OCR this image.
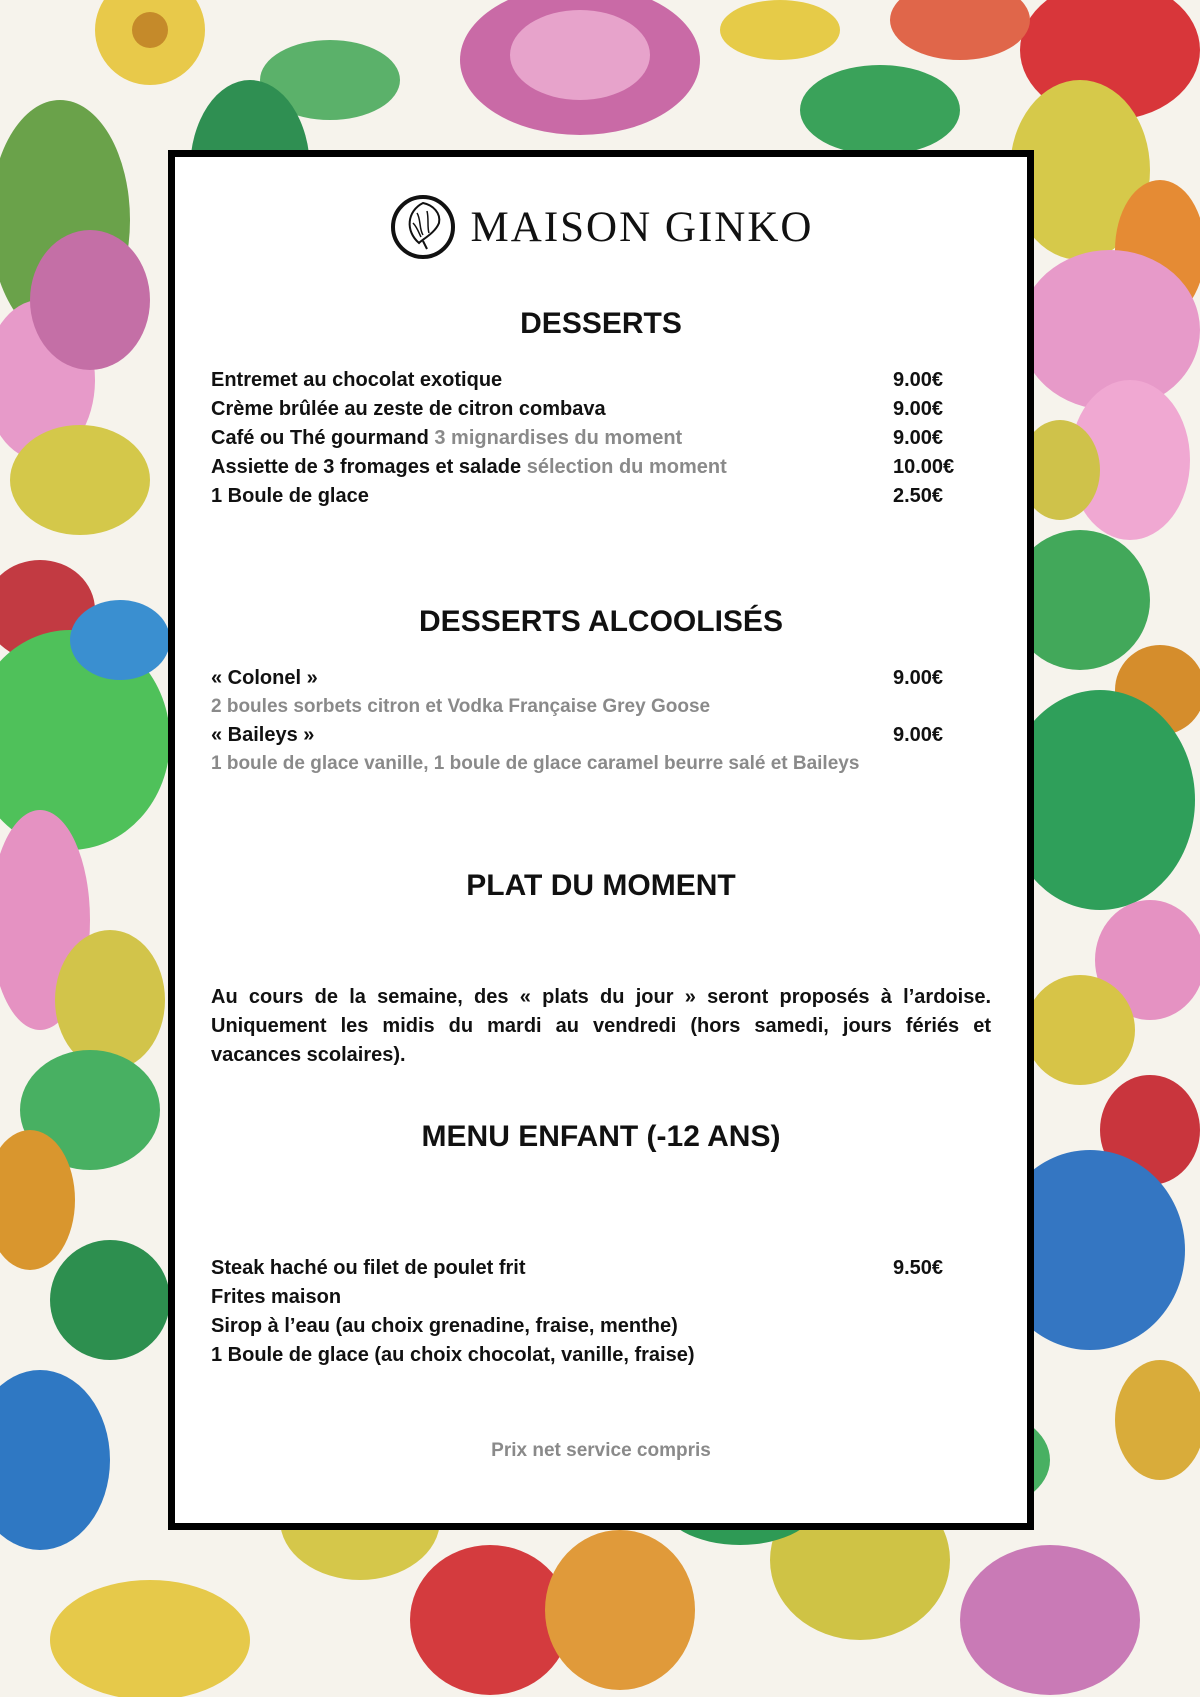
MAISON GINKO
DESSERTS
Entremet au chocolat exotique	9.00€
Crème brûlée au zeste de citron combava	9.00€
Café ou Thé gourmand 3 mignardises du moment	9.00€
Assiette de 3 fromages et salade sélection du moment	10.00€
1 Boule de glace	2.50€
DESSERTS ALCOOLISÉS
« Colonel »	9.00€
2 boules sorbets citron et Vodka Française Grey Goose
« Baileys »	9.00€
1 boule de glace vanille, 1 boule de glace caramel beurre salé et Baileys
PLAT DU MOMENT

Au cours de la semaine, des « plats du jour » seront proposés à l’ardoise. Uniquement les midis du mardi au vendredi (hors samedi, jours fériés et vacances scolaires).

MENU ENFANT (-12 ANS)
Steak haché ou filet de poulet frit	9.50€
Frites maison
Sirop à l’eau (au choix grenadine, fraise, menthe)
1 Boule de glace (au choix chocolat, vanille, fraise)
Prix net service compris
